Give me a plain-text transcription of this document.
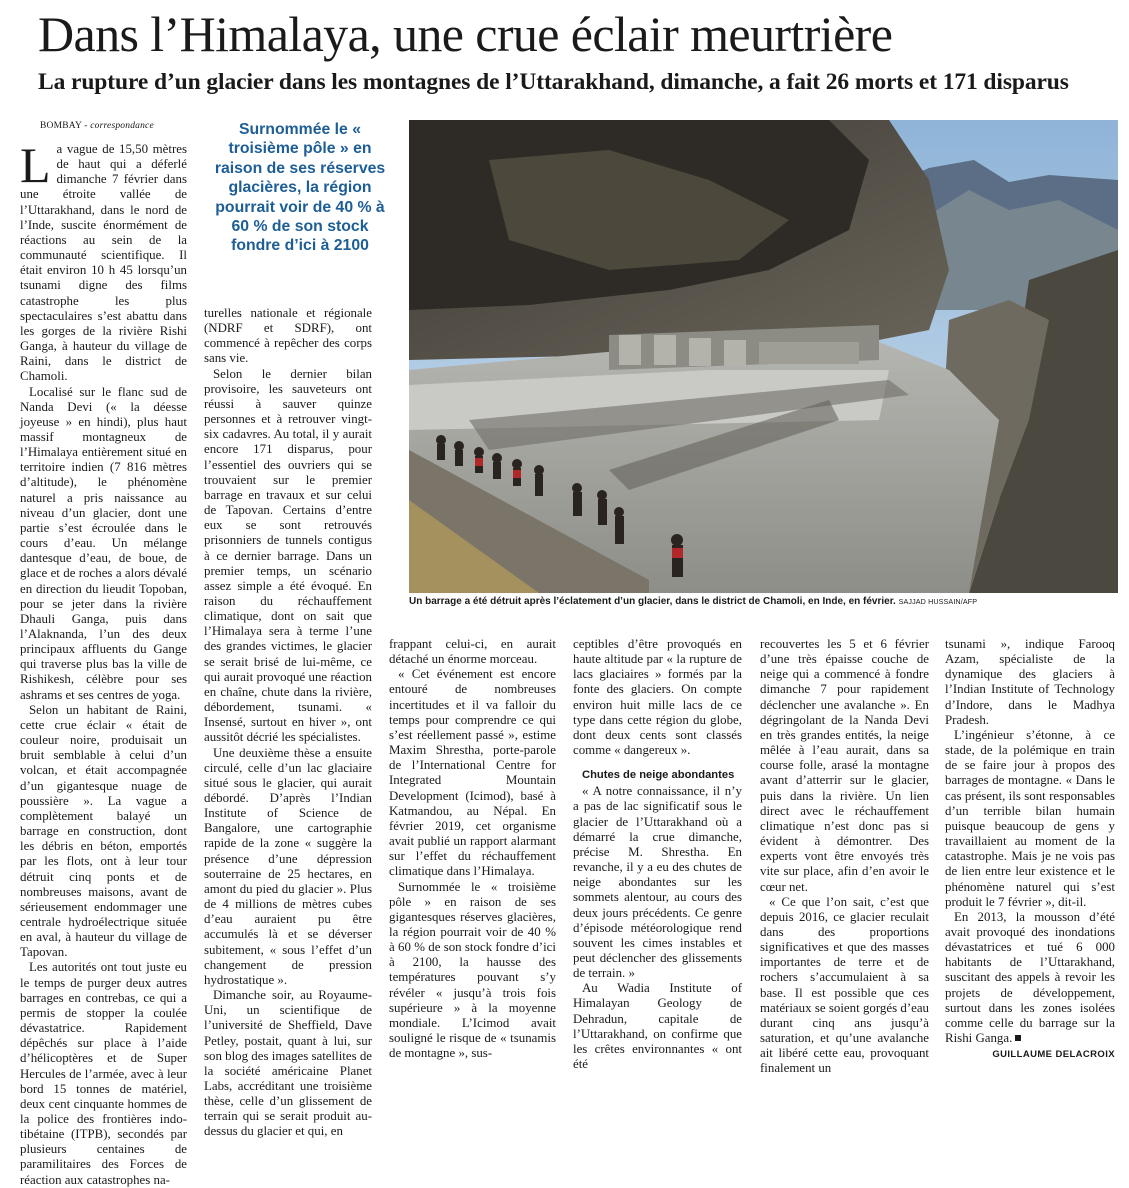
Dans l’Himalaya, une crue éclair meurtrière
La rupture d’un glacier dans les montagnes de l’Uttarakhand, dimanche, a fait 26 morts et 171 disparus
BOMBAY - correspondance

La vague de 15,50 mètres de haut qui a déferlé dimanche 7 février dans une étroite vallée de l’Uttarakhand, dans le nord de l’Inde, suscite énormément de réactions au sein de la communauté scientifique. Il était environ 10 h 45 lorsqu’un tsunami digne des films catastrophe les plus spectaculaires s’est abattu dans les gorges de la rivière Rishi Ganga, à hauteur du village de Raini, dans le district de Chamoli.

Localisé sur le flanc sud de Nanda Devi (« la déesse joyeuse » en hindi), plus haut massif montagneux de l’Himalaya entièrement situé en territoire indien (7 816 mètres d’altitude), le phénomène naturel a pris naissance au niveau d’un glacier, dont une partie s’est écroulée dans le cours d’eau. Un mélange dantesque d’eau, de boue, de glace et de roches a alors dévalé en direction du lieudit Topoban, pour se jeter dans la rivière Dhauli Ganga, puis dans l’Alaknanda, l’un des deux principaux affluents du Gange qui traverse plus bas la ville de Rishikesh, célèbre pour ses ashrams et ses centres de yoga.

Selon un habitant de Raini, cette crue éclair « était de couleur noire, produisait un bruit semblable à celui d’un volcan, et était accompagnée d’un gigantesque nuage de poussière ». La vague a complètement balayé un barrage en construction, dont les débris en béton, emportés par les flots, ont à leur tour détruit cinq ponts et de nombreuses maisons, avant de sérieusement endommager une centrale hydroélectrique située en aval, à hauteur du village de Tapovan.

Les autorités ont tout juste eu le temps de purger deux autres barrages en contrebas, ce qui a permis de stopper la coulée dévastatrice. Rapidement dépêchés sur place à l’aide d’hélicoptères et de Super Hercules de l’armée, avec à leur bord 15 tonnes de matériel, deux cent cinquante hommes de la police des frontières indo-tibétaine (ITPB), secondés par plusieurs centaines de paramilitaires des Forces de réaction aux catastrophes na-

Surnommée le « troisième pôle » en raison de ses réserves glacières, la région pourrait voir de 40 % à 60 % de son stock fondre d’ici à 2100

turelles nationale et régionale (NDRF et SDRF), ont commencé à repêcher des corps sans vie.

Selon le dernier bilan provisoire, les sauveteurs ont réussi à sauver quinze personnes et à retrouver vingt-six cadavres. Au total, il y aurait encore 171 disparus, pour l’essentiel des ouvriers qui se trouvaient sur le premier barrage en travaux et sur celui de Tapovan. Certains d’entre eux se sont retrouvés prisonniers de tunnels contigus à ce dernier barrage. Dans un premier temps, un scénario assez simple a été évoqué. En raison du réchauffement climatique, dont on sait que l’Himalaya sera à terme l’une des grandes victimes, le glacier se serait brisé de lui-même, ce qui aurait provoqué une réaction en chaîne, chute dans la rivière, débordement, tsunami. « Insensé, surtout en hiver », ont aussitôt décrié les spécialistes.

Une deuxième thèse a ensuite circulé, celle d’un lac glaciaire situé sous le glacier, qui aurait débordé. D’après l’Indian Institute of Science de Bangalore, une cartographie rapide de la zone « suggère la présence d’une dépression souterraine de 25 hectares, en amont du pied du glacier ». Plus de 4 millions de mètres cubes d’eau auraient pu être accumulés là et se déverser subitement, « sous l’effet d’un changement de pression hydrostatique ».

Dimanche soir, au Royaume-Uni, un scientifique de l’université de Sheffield, Dave Petley, postait, quant à lui, sur son blog des images satellites de la société américaine Planet Labs, accréditant une troisième thèse, celle d’un glissement de terrain qui se serait produit au-dessus du glacier et qui, en

Un barrage a été détruit après l’éclatement d’un glacier, dans le district de Chamoli, en Inde, en février. SAJJAD HUSSAIN/AFP

frappant celui-ci, en aurait détaché un énorme morceau.

« Cet événement est encore entouré de nombreuses incertitudes et il va falloir du temps pour comprendre ce qui s’est réellement passé », estime Maxim Shrestha, porte-parole de l’International Centre for Integrated Mountain Development (Icimod), basé à Katmandou, au Népal. En février 2019, cet organisme avait publié un rapport alarmant sur l’effet du réchauffement climatique dans l’Himalaya.

Surnommée le « troisième pôle » en raison de ses gigantesques réserves glacières, la région pourrait voir de 40 % à 60 % de son stock fondre d’ici à 2100, la hausse des températures pouvant s’y révéler « jusqu’à trois fois supérieure » à la moyenne mondiale. L’Icimod avait souligné le risque de « tsunamis de montagne », sus-

ceptibles d’être provoqués en haute altitude par « la rupture de lacs glaciaires » formés par la fonte des glaciers. On compte environ huit mille lacs de ce type dans cette région du globe, dont deux cents sont classés comme « dangereux ».

Chutes de neige abondantes

« A notre connaissance, il n’y a pas de lac significatif sous le glacier de l’Uttarakhand où a démarré la crue dimanche, précise M. Shrestha. En revanche, il y a eu des chutes de neige abondantes sur les sommets alentour, au cours des deux jours précédents. Ce genre d’épisode météorologique rend souvent les cimes instables et peut déclencher des glissements de terrain. »

Au Wadia Institute of Himalayan Geology de Dehradun, capitale de l’Uttarakhand, on confirme que les crêtes environnantes « ont été

recouvertes les 5 et 6 février d’une très épaisse couche de neige qui a commencé à fondre dimanche 7 pour rapidement déclencher une avalanche ». En dégringolant de la Nanda Devi en très grandes entités, la neige mêlée à l’eau aurait, dans sa course folle, arasé la montagne avant d’atterrir sur le glacier, puis dans la rivière. Un lien direct avec le réchauffement climatique n’est donc pas si évident à démontrer. Des experts vont être envoyés très vite sur place, afin d’en avoir le cœur net.

« Ce que l’on sait, c’est que depuis 2016, ce glacier reculait dans des proportions significatives et que des masses importantes de terre et de rochers s’accumulaient à sa base. Il est possible que ces matériaux se soient gorgés d’eau durant cinq ans jusqu’à saturation, et qu’une avalanche ait libéré cette eau, provoquant finalement un

tsunami », indique Farooq Azam, spécialiste de la dynamique des glaciers à l’Indian Institute of Technology d’Indore, dans le Madhya Pradesh.

L’ingénieur s’étonne, à ce stade, de la polémique en train de se faire jour à propos des barrages de montagne. « Dans le cas présent, ils sont responsables d’un terrible bilan humain puisque beaucoup de gens y travaillaient au moment de la catastrophe. Mais je ne vois pas de lien entre leur existence et le phénomène naturel qui s’est produit le 7 février », dit-il.

En 2013, la mousson d’été avait provoqué des inondations dévastatrices et tué 6 000 habitants de l’Uttarakhand, suscitant des appels à revoir les projets de développement, surtout dans les zones isolées comme celle du barrage sur la Rishi Ganga.

GUILLAUME DELACROIX
